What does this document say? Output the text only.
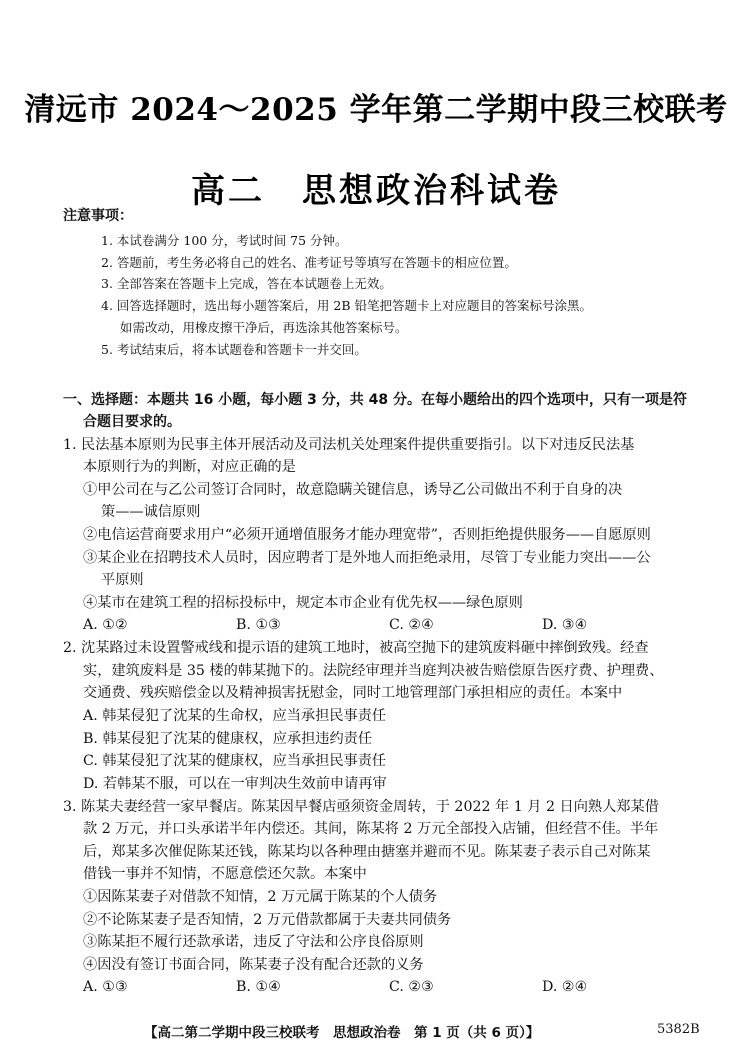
清远市 2024～2025 学年第二学期中段三校联考
高二　思想政治科试卷
注意事项：
1. 本试卷满分 100 分，考试时间 75 分钟。
2. 答题前，考生务必将自己的姓名、准考证号等填写在答题卡的相应位置。
3. 全部答案在答题卡上完成，答在本试题卷上无效。
4. 回答选择题时，选出每小题答案后，用 2B 铅笔把答题卡上对应题目的答案标号涂黑。
如需改动，用橡皮擦干净后，再选涂其他答案标号。
5. 考试结束后，将本试题卷和答题卡一并交回。
一、选择题：本题共 16 小题，每小题 3 分，共 48 分。在每小题给出的四个选项中，只有一项是符
合题目要求的。
1. 民法基本原则为民事主体开展活动及司法机关处理案件提供重要指引。以下对违反民法基
本原则行为的判断，对应正确的是
①甲公司在与乙公司签订合同时，故意隐瞒关键信息，诱导乙公司做出不利于自身的决
策——诚信原则
②电信运营商要求用户“必须开通增值服务才能办理宽带”，否则拒绝提供服务——自愿原则
③某企业在招聘技术人员时，因应聘者丁是外地人而拒绝录用，尽管丁专业能力突出——公
平原则
④某市在建筑工程的招标投标中，规定本市企业有优先权——绿色原则
A. ①②	B. ①③	C. ②④	D. ③④
2. 沈某路过未设置警戒线和提示语的建筑工地时，被高空抛下的建筑废料砸中摔倒致残。经查
实，建筑废料是 35 楼的韩某抛下的。法院经审理并当庭判决被告赔偿原告医疗费、护理费、
交通费、残疾赔偿金以及精神损害抚慰金，同时工地管理部门承担相应的责任。本案中
A. 韩某侵犯了沈某的生命权，应当承担民事责任
B. 韩某侵犯了沈某的健康权，应承担违约责任
C. 韩某侵犯了沈某的健康权，应当承担民事责任
D. 若韩某不服，可以在一审判决生效前申请再审
3. 陈某夫妻经营一家早餐店。陈某因早餐店亟须资金周转，于 2022 年 1 月 2 日向熟人郑某借
款 2 万元，并口头承诺半年内偿还。其间，陈某将 2 万元全部投入店铺，但经营不佳。半年
后，郑某多次催促陈某还钱，陈某均以各种理由搪塞并避而不见。陈某妻子表示自己对陈某
借钱一事并不知情，不愿意偿还欠款。本案中
①因陈某妻子对借款不知情，2 万元属于陈某的个人债务
②不论陈某妻子是否知情，2 万元借款都属于夫妻共同债务
③陈某拒不履行还款承诺，违反了守法和公序良俗原则
④因没有签订书面合同，陈某妻子没有配合还款的义务
A. ①③	B. ①④	C. ②③	D. ②④
【高二第二学期中段三校联考　思想政治卷　第 1 页（共 6 页）】	5382B
